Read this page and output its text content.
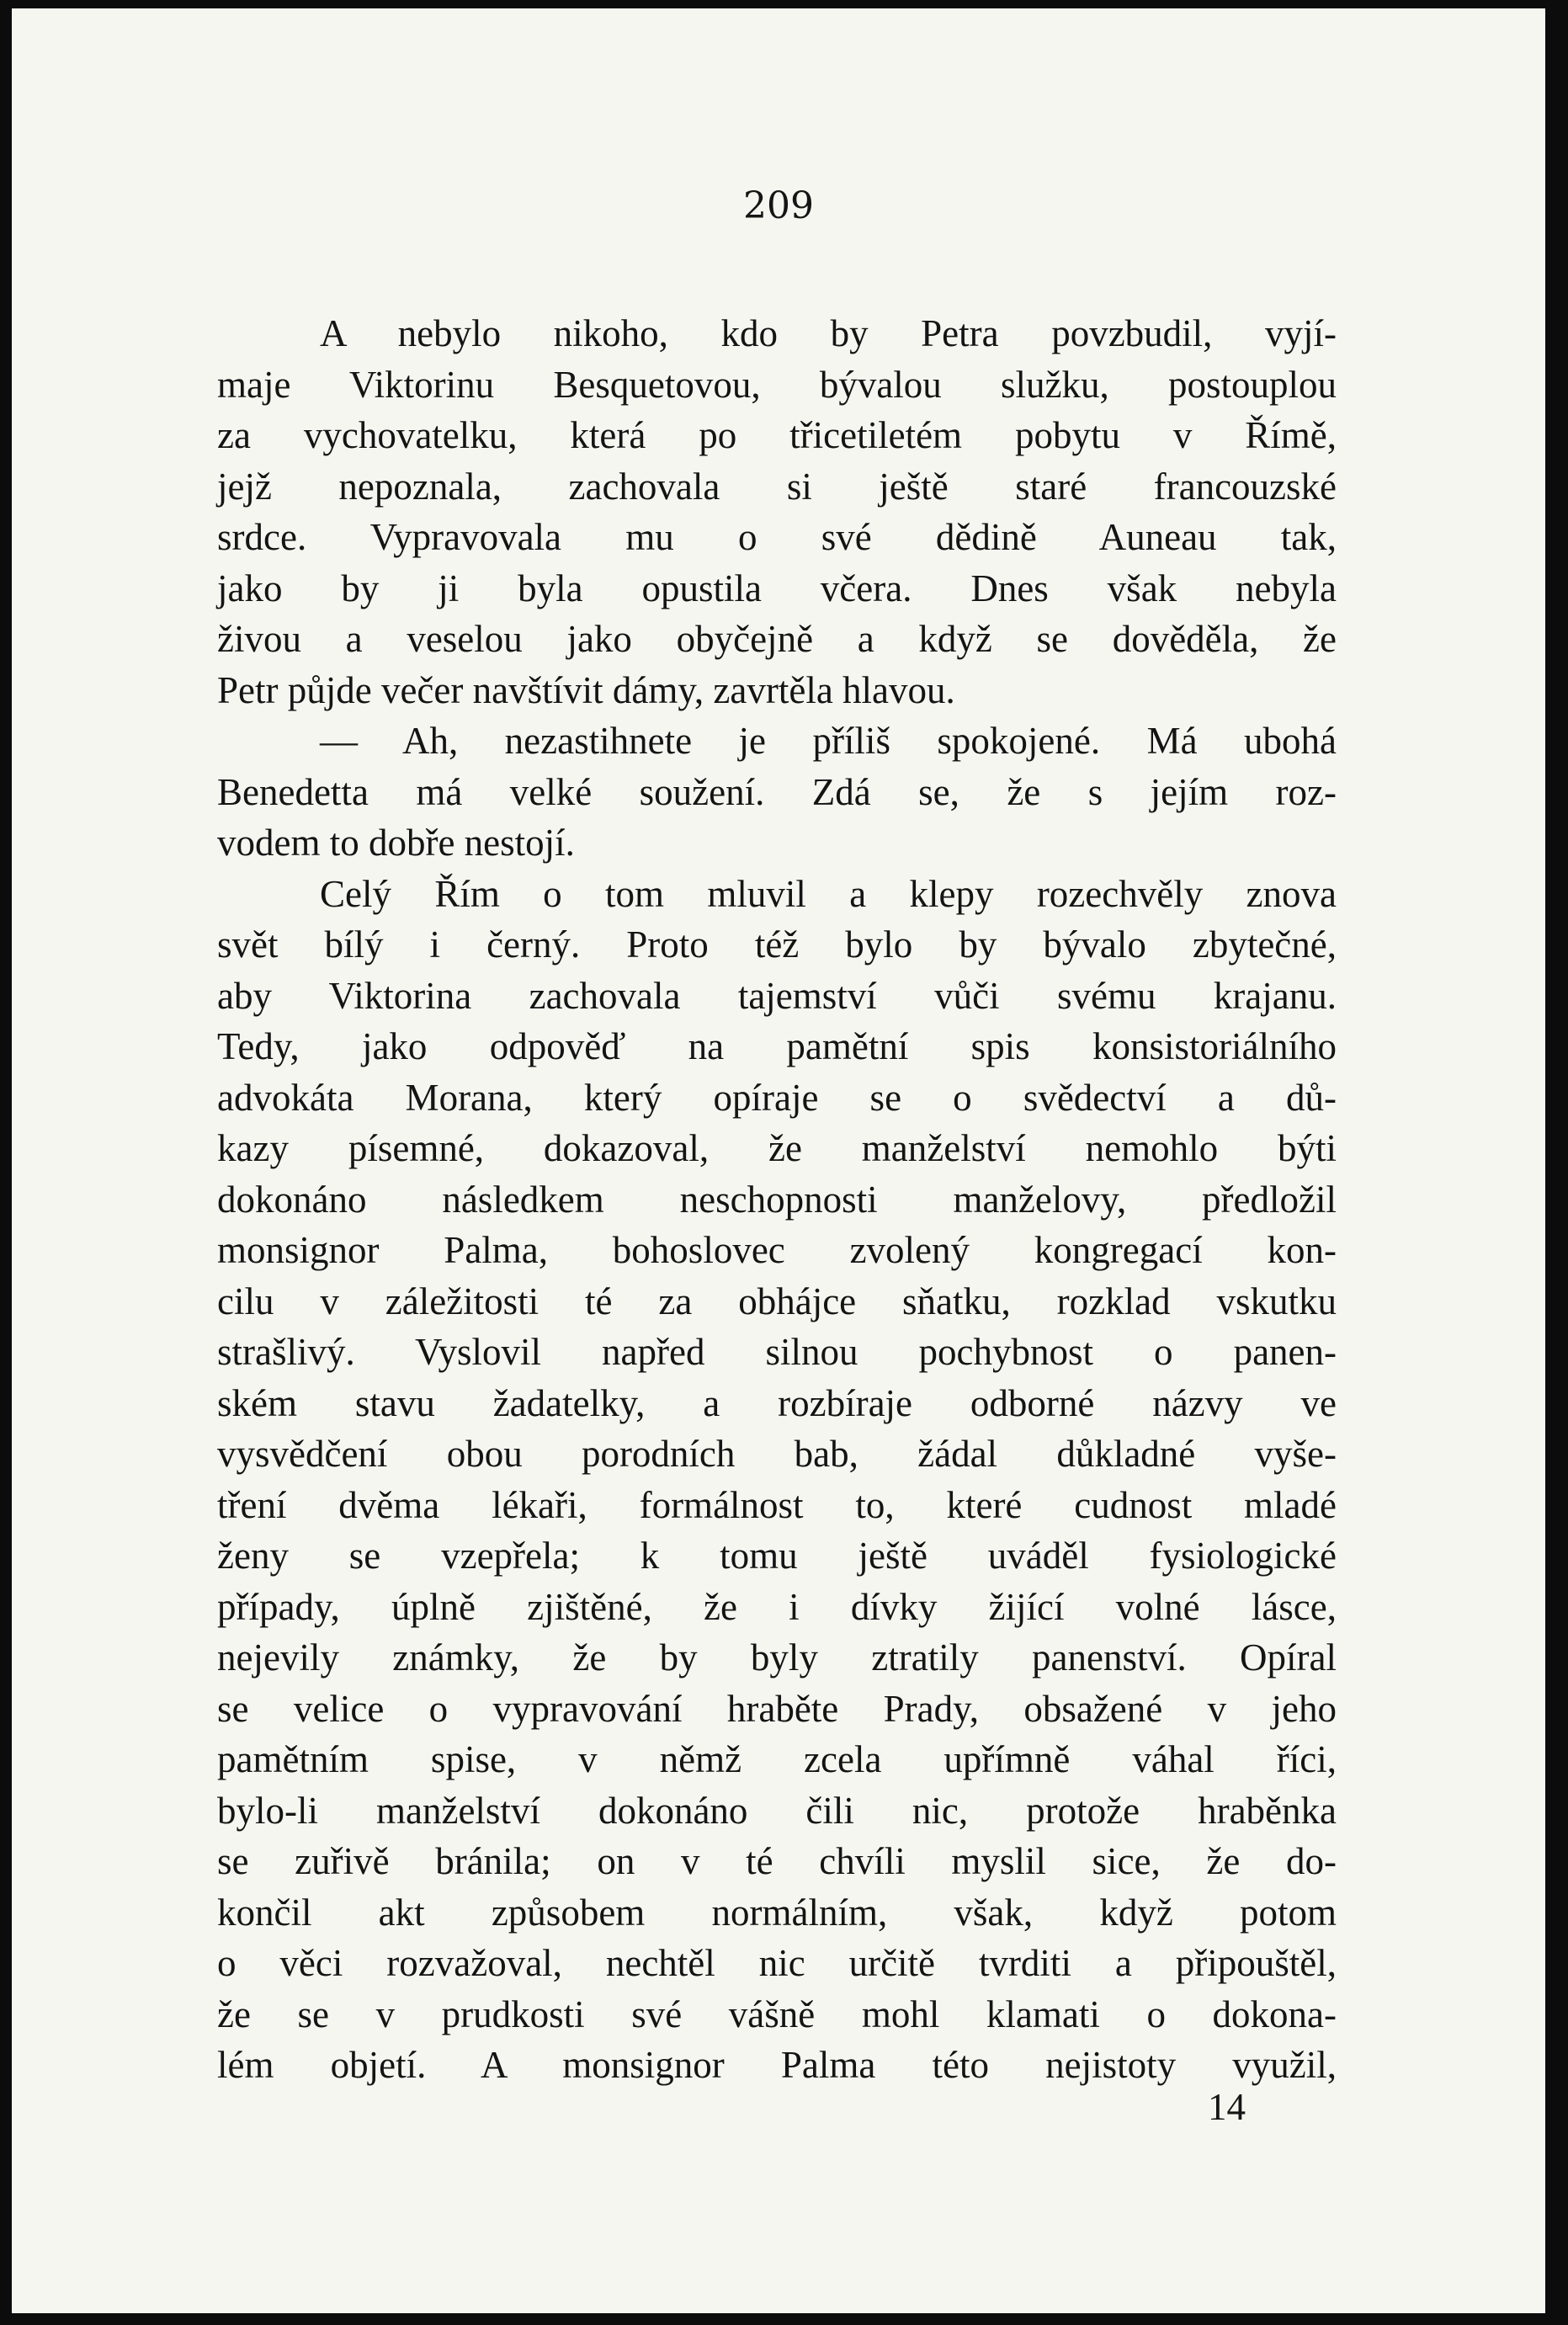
209
A nebylo nikoho, kdo by Petra povzbudil, vyjí-
maje Viktorinu Besquetovou, bývalou služku, postouplou
za vychovatelku, která po třicetiletém pobytu v Římě,
jejž nepoznala, zachovala si ještě staré francouzské
srdce. Vypravovala mu o své dědině Auneau tak,
jako by ji byla opustila včera. Dnes však nebyla
živou a veselou jako obyčejně a když se dověděla, že
Petr půjde večer navštívit dámy, zavrtěla hlavou.
— Ah, nezastihnete je příliš spokojené. Má ubohá
Benedetta má velké soužení. Zdá se, že s jejím roz-
vodem to dobře nestojí.
Celý Řím o tom mluvil a klepy rozechvěly znova
svět bílý i černý. Proto též bylo by bývalo zbytečné,
aby Viktorina zachovala tajemství vůči svému krajanu.
Tedy, jako odpověď na pamětní spis konsistoriálního
advokáta Morana, který opíraje se o svědectví a dů-
kazy písemné, dokazoval, že manželství nemohlo býti
dokonáno následkem neschopnosti manželovy, předložil
monsignor Palma, bohoslovec zvolený kongregací kon-
cilu v záležitosti té za obhájce sňatku, rozklad vskutku
strašlivý. Vyslovil napřed silnou pochybnost o panen-
ském stavu žadatelky, a rozbíraje odborné názvy ve
vysvědčení obou porodních bab, žádal důkladné vyše-
tření dvěma lékaři, formálnost to, které cudnost mladé
ženy se vzepřela; k tomu ještě uváděl fysiologické
případy, úplně zjištěné, že i dívky žijící volné lásce,
nejevily známky, že by byly ztratily panenství. Opíral
se velice o vypravování hraběte Prady, obsažené v jeho
pamětním spise, v němž zcela upřímně váhal říci,
bylo-li manželství dokonáno čili nic, protože hraběnka
se zuřivě bránila; on v té chvíli myslil sice, že do-
končil akt způsobem normálním, však, když potom
o věci rozvažoval, nechtěl nic určitě tvrditi a připouštěl,
že se v prudkosti své vášně mohl klamati o dokona-
lém objetí. A monsignor Palma této nejistoty využil,
14
